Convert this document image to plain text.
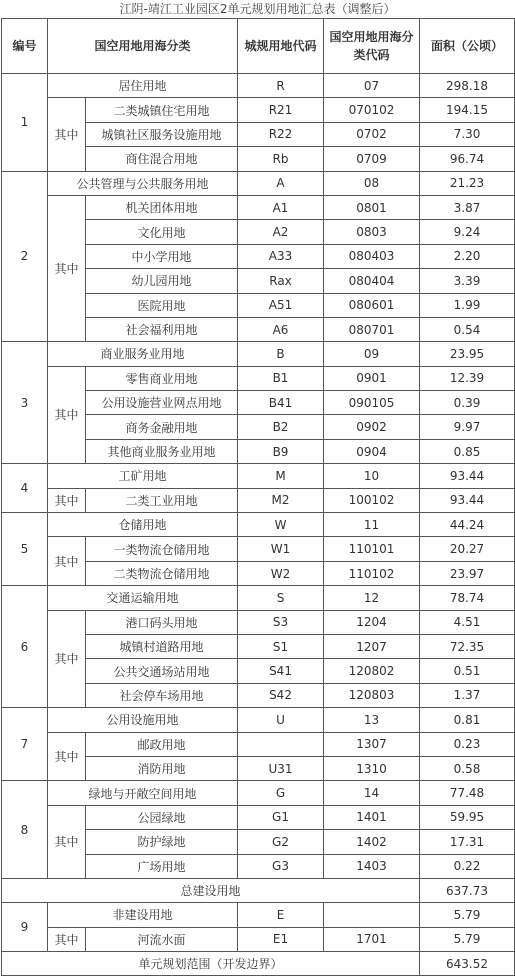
江阴-靖江工业园区2单元规划用地汇总表（调整后）
编号	国空用地用海分类		城规用地代码	国空用地用海分类代码	面积（公顷）
1	居住用地		R	07	298.18
	其中	二类城镇住宅用地	R21	070102	194.15
		城镇社区服务设施用地	R22	0702	7.30
		商住混合用地	Rb	0709	96.74
2	公共管理与公共服务用地		A	08	21.23
	其中	机关团体用地	A1	0801	3.87
		文化用地	A2	0803	9.24
		中小学用地	A33	080403	2.20
		幼儿园用地	Rax	080404	3.39
		医院用地	A51	080601	1.99
		社会福利用地	A6	080701	0.54
3	商业服务业用地		B	09	23.95
	其中	零售商业用地	B1	0901	12.39
		公用设施营业网点用地	B41	090105	0.39
		商务金融用地	B2	0902	9.97
		其他商业服务业用地	B9	0904	0.85
4	工矿用地		M	10	93.44
	其中	二类工业用地	M2	100102	93.44
5	仓储用地		W	11	44.24
	其中	一类物流仓储用地	W1	110101	20.27
		二类物流仓储用地	W2	110102	23.97
6	交通运输用地		S	12	78.74
	其中	港口码头用地	S3	1204	4.51
		城镇村道路用地	S1	1207	72.35
		公共交通场站用地	S41	120802	0.51
		社会停车场用地	S42	120803	1.37
7	公用设施用地		U	13	0.81
	其中	邮政用地		1307	0.23
		消防用地	U31	1310	0.58
8	绿地与开敞空间用地		G	14	77.48
	其中	公园绿地	G1	1401	59.95
		防护绿地	G2	1402	17.31
		广场用地	G3	1403	0.22
总建设用地					637.73
9	非建设用地		E		5.79
	其中	河流水面	E1	1701	5.79
单元规划范围（开发边界）					643.52
